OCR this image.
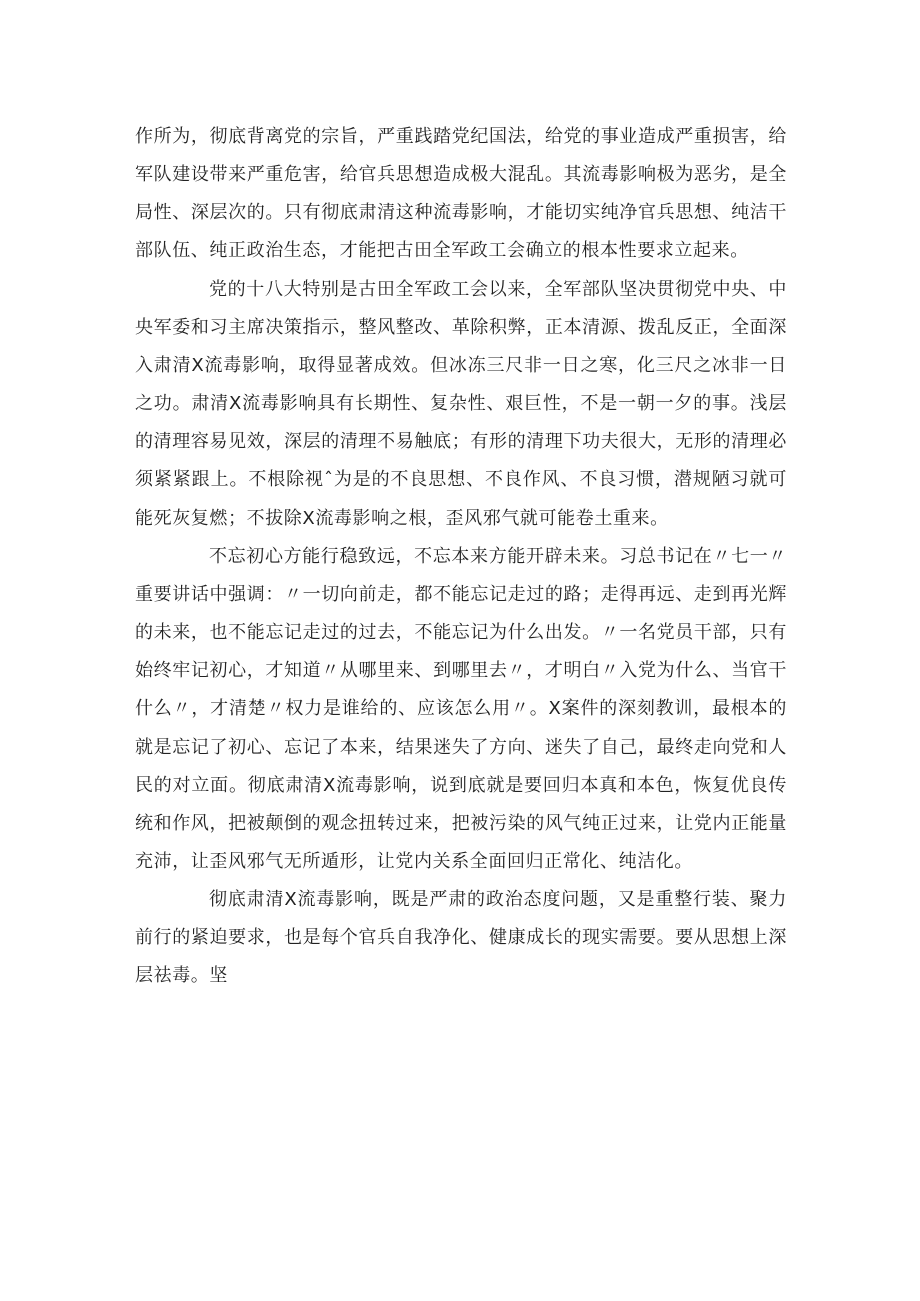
作所为，彻底背离党的宗旨，严重践踏党纪国法，给党的事业造成严重损害，给军队建设带来严重危害，给官兵思想造成极大混乱。其流毒影响极为恶劣，是全局性、深层次的。只有彻底肃清这种流毒影响，才能切实纯净官兵思想、纯洁干部队伍、纯正政治生态，才能把古田全军政工会确立的根本性要求立起来。

党的十八大特别是古田全军政工会以来，全军部队坚决贯彻党中央、中央军委和习主席决策指示，整风整改、革除积弊，正本清源、拨乱反正，全面深入肃清X流毒影响，取得显著成效。但冰冻三尺非一日之寒，化三尺之冰非一日之功。肃清X流毒影响具有长期性、复杂性、艰巨性，不是一朝一夕的事。浅层的清理容易见效，深层的清理不易触底；有形的清理下功夫很大，无形的清理必须紧紧跟上。不根除视ˆ为是的不良思想、不良作风、不良习惯，潜规陋习就可能死灰复燃；不拔除X流毒影响之根，歪风邪气就可能卷土重来。

不忘初心方能行稳致远，不忘本来方能开辟未来。习总书记在〃七一〃重要讲话中强调：〃一切向前走，都不能忘记走过的路；走得再远、走到再光辉的未来，也不能忘记走过的过去，不能忘记为什么出发。〃一名党员干部，只有始终牢记初心，才知道〃从哪里来、到哪里去〃，才明白〃入党为什么、当官干什么〃，才清楚〃权力是谁给的、应该怎么用〃。X案件的深刻教训，最根本的就是忘记了初心、忘记了本来，结果迷失了方向、迷失了自己，最终走向党和人民的对立面。彻底肃清X流毒影响，说到底就是要回归本真和本色，恢复优良传统和作风，把被颠倒的观念扭转过来，把被污染的风气纯正过来，让党内正能量充沛，让歪风邪气无所遁形，让党内关系全面回归正常化、纯洁化。

彻底肃清X流毒影响，既是严肃的政治态度问题，又是重整行装、聚力前行的紧迫要求，也是每个官兵自我净化、健康成长的现实需要。要从思想上深层祛毒。坚
